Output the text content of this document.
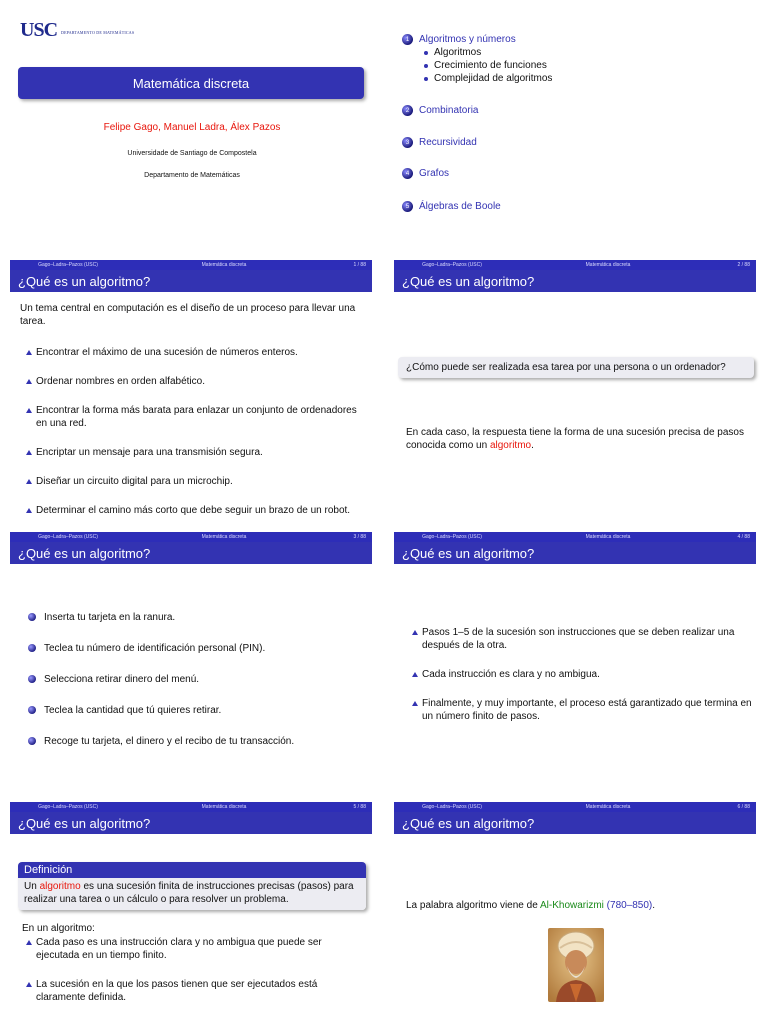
USC DEPARTAMENTO DE MATEMÁTICAS
Matemática discreta
Felipe Gago, Manuel Ladra, Álex Pazos
Universidade de Santiago de Compostela
Departamento de Matemáticas
1 Algoritmos y números
Algoritmos
Crecimiento de funciones
Complejidad de algoritmos
2 Combinatoria
3 Recursividad
4 Grafos
5 Álgebras de Boole
Gago–Ladra–Pazos (USC)	Matemática discreta	1 / 88
¿Qué es un algoritmo?
Un tema central en computación es el diseño de un proceso para llevar una tarea.
Encontrar el máximo de una sucesión de números enteros.
Ordenar nombres en orden alfabético.
Encontrar la forma más barata para enlazar un conjunto de ordenadores en una red.
Encriptar un mensaje para una transmisión segura.
Diseñar un circuito digital para un microchip.
Determinar el camino más corto que debe seguir un brazo de un robot.
Gago–Ladra–Pazos (USC)	Matemática discreta	2 / 88
¿Qué es un algoritmo?
¿Cómo puede ser realizada esa tarea por una persona o un ordenador?
En cada caso, la respuesta tiene la forma de una sucesión precisa de pasos conocida como un algoritmo.
Gago–Ladra–Pazos (USC)	Matemática discreta	3 / 88
¿Qué es un algoritmo?
Inserta tu tarjeta en la ranura.
Teclea tu número de identificación personal (PIN).
Selecciona retirar dinero del menú.
Teclea la cantidad que tú quieres retirar.
Recoge tu tarjeta, el dinero y el recibo de tu transacción.
Gago–Ladra–Pazos (USC)	Matemática discreta	4 / 88
¿Qué es un algoritmo?
Pasos 1–5 de la sucesión son instrucciones que se deben realizar una después de la otra.
Cada instrucción es clara y no ambigua.
Finalmente, y muy importante, el proceso está garantizado que termina en un número finito de pasos.
Gago–Ladra–Pazos (USC)	Matemática discreta	5 / 88
¿Qué es un algoritmo?
Definición
Un algoritmo es una sucesión finita de instrucciones precisas (pasos) para realizar una tarea o un cálculo o para resolver un problema.
En un algoritmo:
Cada paso es una instrucción clara y no ambigua que puede ser ejecutada en un tiempo finito.
La sucesión en la que los pasos tienen que ser ejecutados está claramente definida.
Gago–Ladra–Pazos (USC)	Matemática discreta	6 / 88
¿Qué es un algoritmo?
La palabra algoritmo viene de Al-Khowarizmi (780–850).
